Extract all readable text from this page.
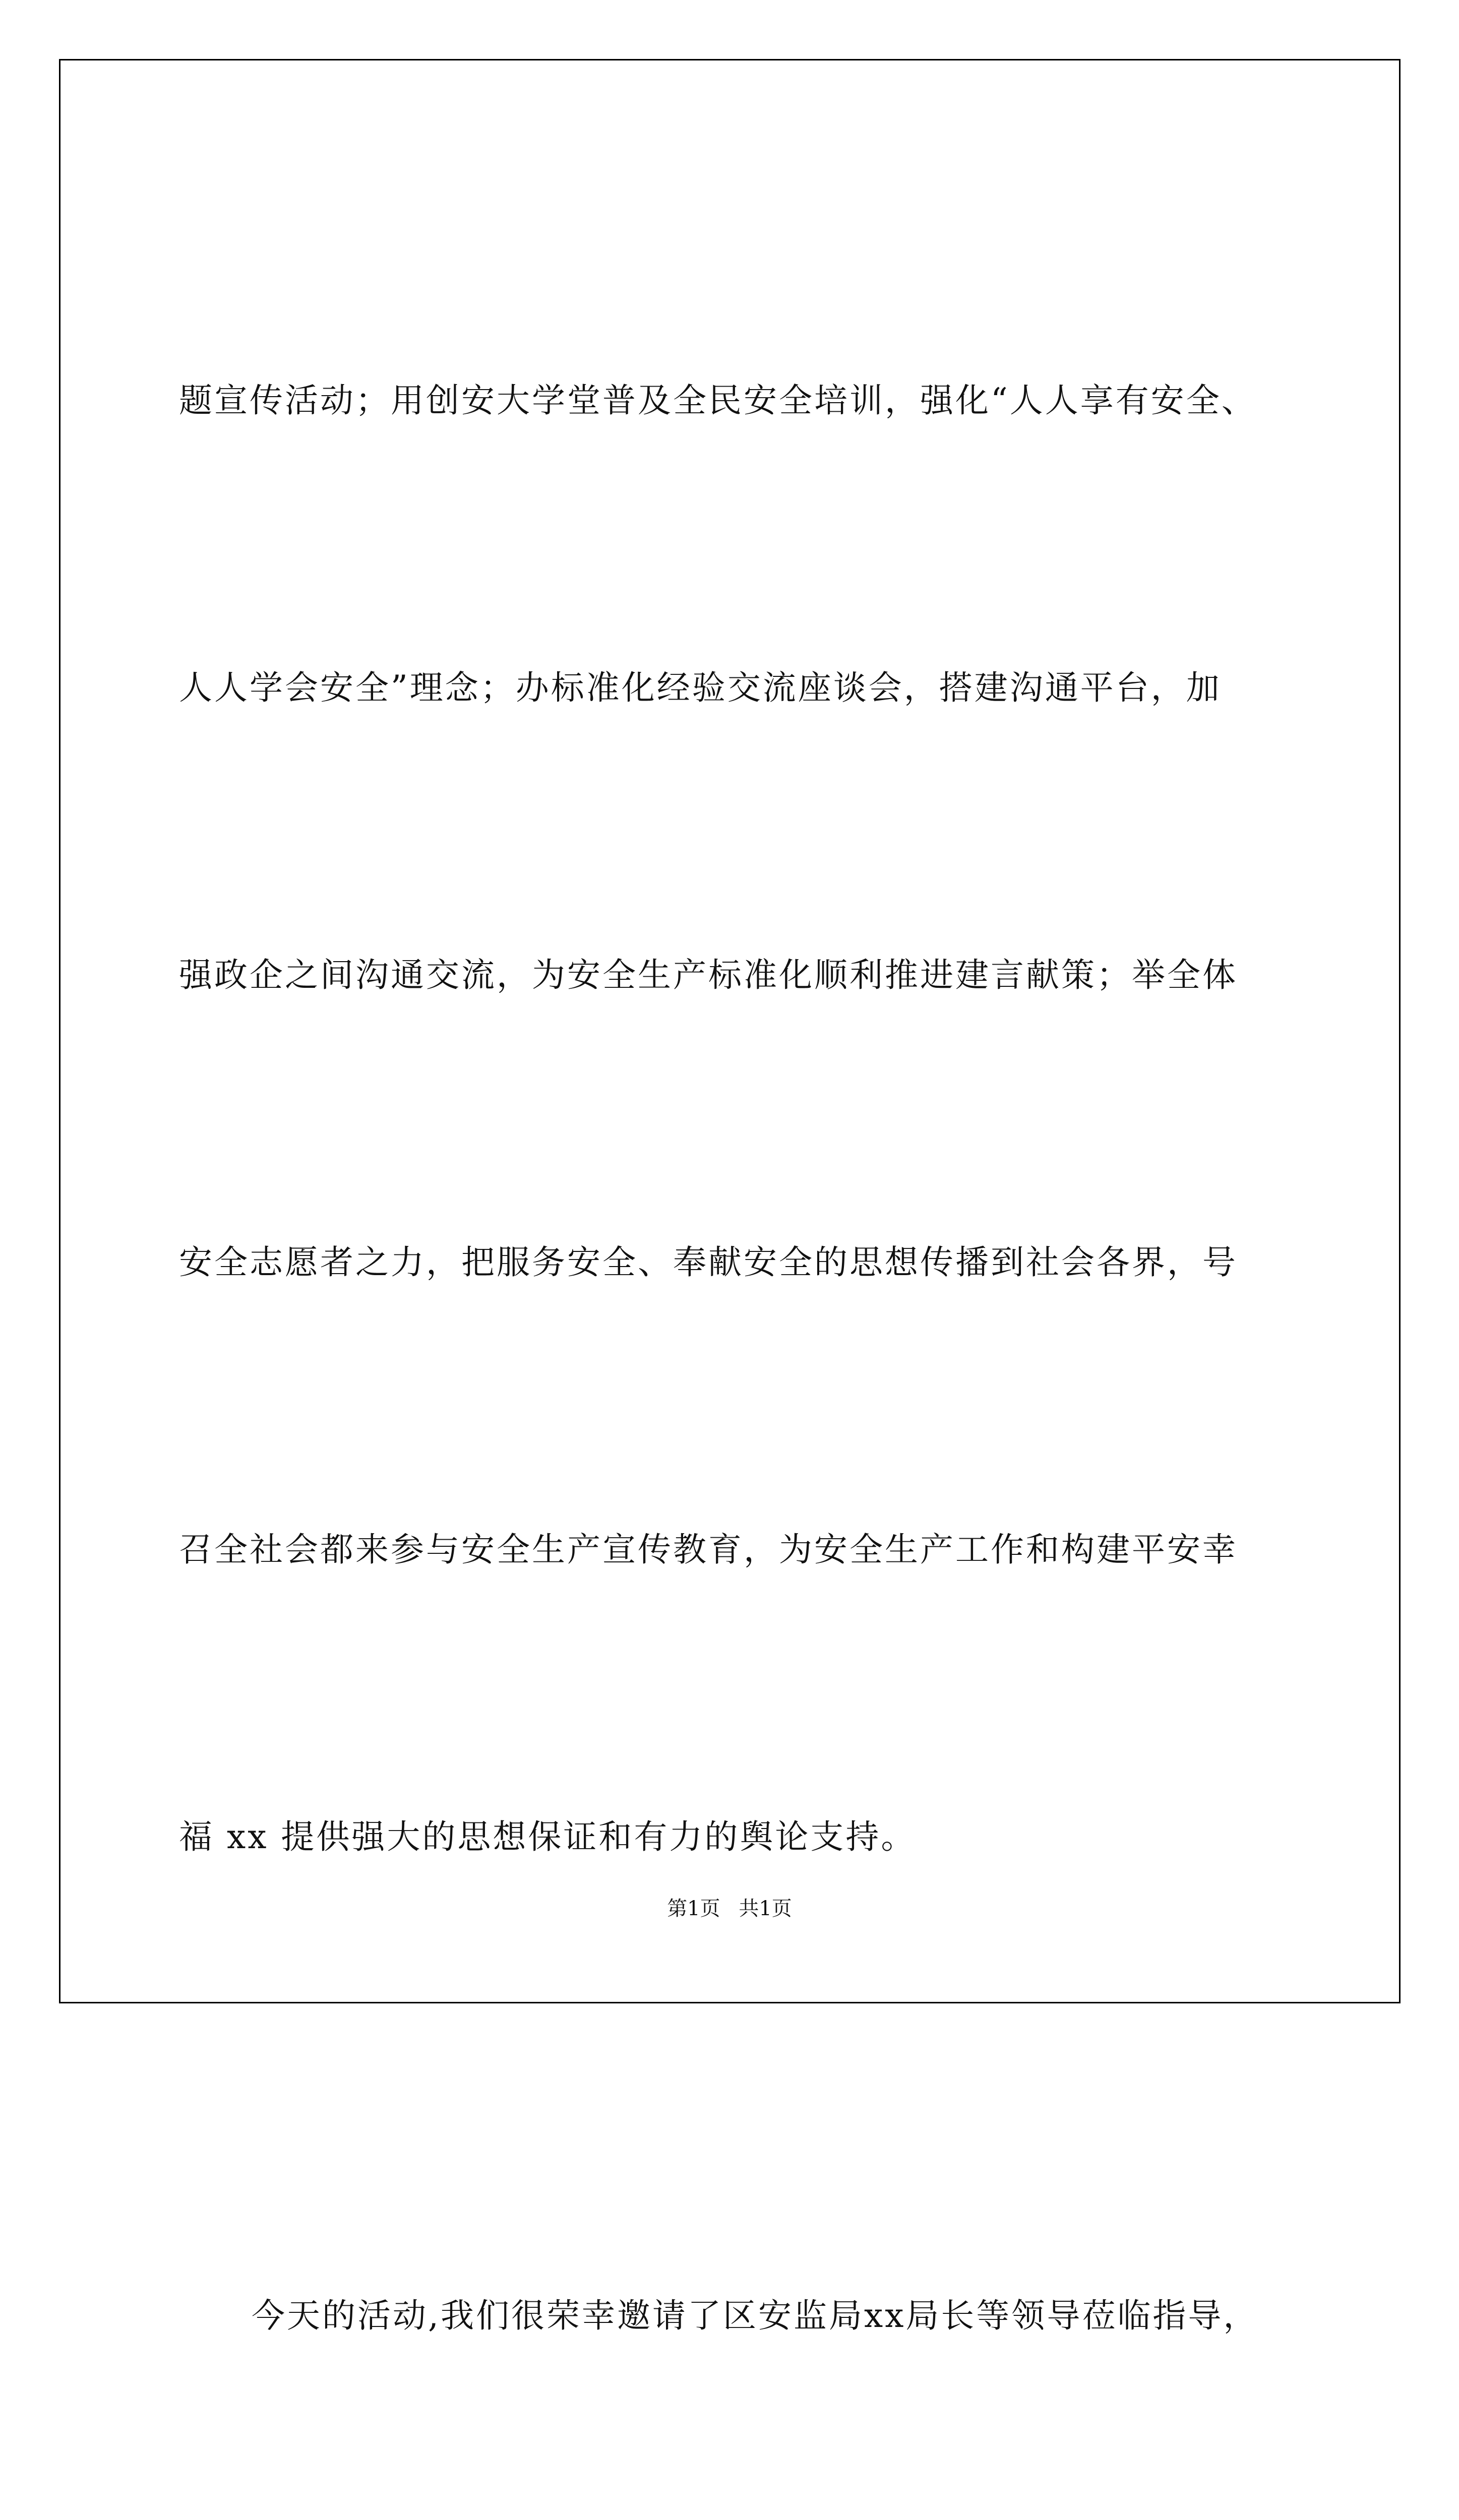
题宣传活动；用创安大学堂普及全民安全培训，强化“人人享有安全、

人人学会安全”理念；办标准化经验交流座谈会，搭建沟通平台，加

强政企之间沟通交流，为安全生产标准化顺利推进建言献策；举全体

安全志愿者之力，把服务安全、奉献安全的思想传播到社会各界，号

召全社会都来参与安全生产宣传教育，为安全生产工作和构建平安幸

福 xx 提供强大的思想保证和有力的舆论支持。

今天的活动,我们很荣幸邀请了区安监局xx局长等领导莅临指导，

第1页 共1页
